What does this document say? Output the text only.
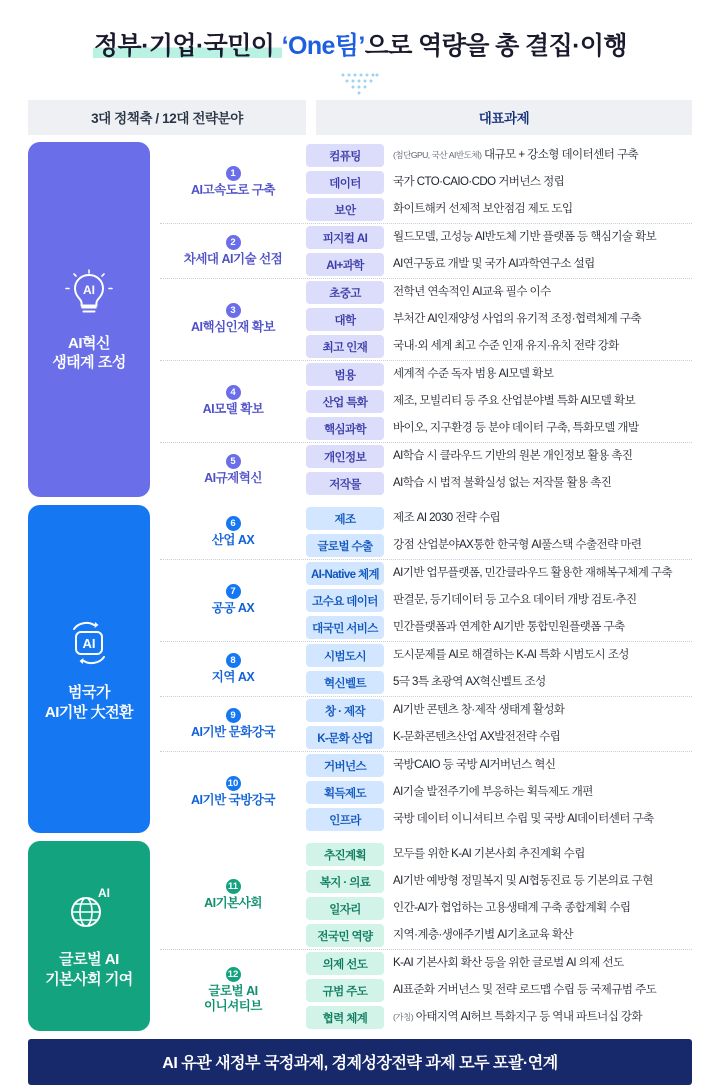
정부·기업·국민이 ‘One팀’으로 역량을 총 결집·이행
3대 정책축 / 12대 전략분야	대표과제
AI
AI혁신
생태계 조성
1
AI고속도로 구축
컴퓨팅	(첨단GPU, 국산 AI반도체) 대규모 + 강소형 데이터센터 구축
데이터	국가 CTO·CAIO·CDO 거버넌스 정립
보안	화이트해커 선제적 보안점검 제도 도입
2
차세대 AI기술 선점
피지컬 AI	월드모델, 고성능 AI반도체 기반 플랫폼 등 핵심기술 확보
AI+과학	AI연구동료 개발 및 국가 AI과학연구소 설립
3
AI핵심인재 확보
초중고	전학년 연속적인 AI교육 필수 이수
대학	부처간 AI인재양성 사업의 유기적 조정·협력체계 구축
최고 인재	국내·외 세계 최고 수준 인재 유지·유치 전략 강화
4
AI모델 확보
범용	세계적 수준 독자 범용 AI모델 확보
산업 특화	제조, 모빌리티 등 주요 산업분야별 특화 AI모델 확보
핵심과학	바이오, 지구환경 등 분야 데이터 구축, 특화모델 개발
5
AI규제혁신
개인정보	AI학습 시 클라우드 기반의 원본 개인정보 활용 촉진
저작물	AI학습 시 법적 불확실성 없는 저작물 활용 촉진
AI
범국가
AI기반 大전환
6
산업 AX
제조	제조 AI 2030 전략 수립
글로벌 수출	강점 산업분야AX통한 한국형 AI풀스택 수출전략 마련
7
공공 AX
AI-Native 체계	AI기반 업무플랫폼, 민간클라우드 활용한 재해복구체계 구축
고수요 데이터	판결문, 등기데이터 등 고수요 데이터 개방 검토·추진
대국민 서비스	민간플랫폼과 연계한 AI기반 통합민원플랫폼 구축
8
지역 AX
시범도시	도시문제를 AI로 해결하는 K-AI 특화 시범도시 조성
혁신벨트	5극 3특 초광역 AX혁신벨트 조성
9
AI기반 문화강국
창 · 제작	AI기반 콘텐츠 창·제작 생태계 활성화
K-문화 산업	K-문화콘텐츠산업 AX발전전략 수립
10
AI기반 국방강국
거버넌스	국방CAIO 등 국방 AI거버넌스 혁신
획득제도	AI기술 발전주기에 부응하는 획득제도 개편
인프라	국방 데이터 이니셔티브 수립 및 국방 AI데이터센터 구축
AI
글로벌 AI
기본사회 기여
11
AI기본사회
추진계획	모두를 위한 K-AI 기본사회 추진계획 수립
복지 · 의료	AI기반 예방형 정밀복지 및 AI협동진료 등 기본의료 구현
일자리	인간-AI가 협업하는 고용생태계 구축 종합계획 수립
전국민 역량	지역·계층·생애주기별 AI기초교육 확산
12
글로벌 AI
이니셔티브
의제 선도	K-AI 기본사회 확산 등을 위한 글로벌 AI 의제 선도
규범 주도	AI표준화 거버넌스 및 전략 로드맵 수립 등 국제규범 주도
협력 체계	(가칭) 아태지역 AI허브 특화지구 등 역내 파트너십 강화
AI 유관 새정부 국정과제, 경제성장전략 과제 모두 포괄·연계
